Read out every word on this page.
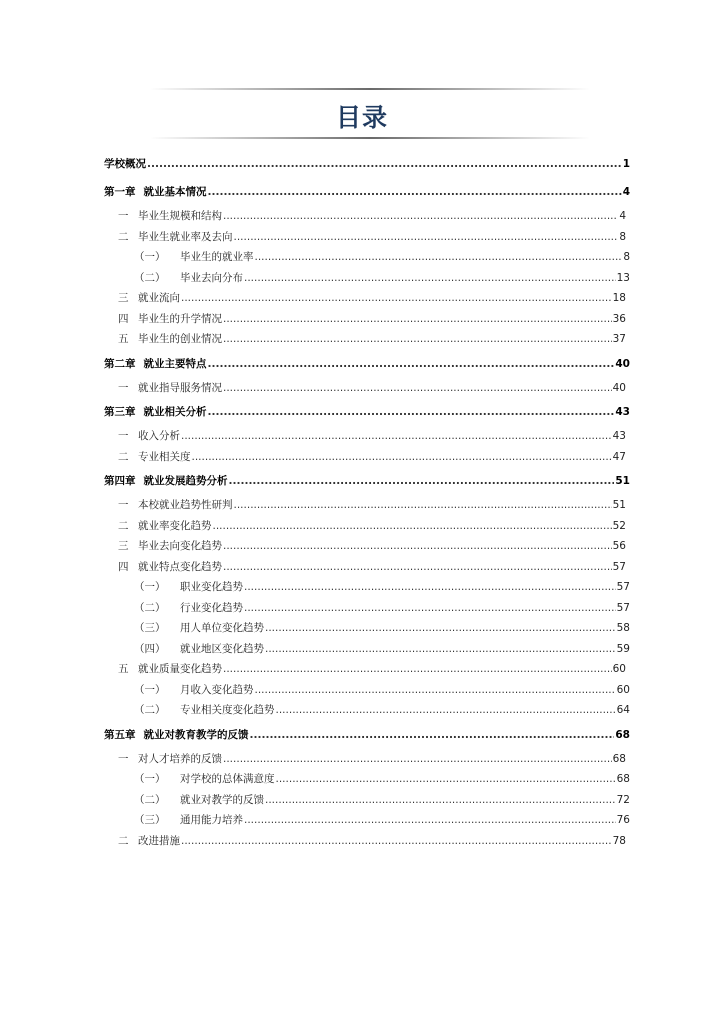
目录
学校概况 .....	1
第一章 就业基本情况 .....	4
一 毕业生规模和结构 .....	4
二 毕业生就业率及去向 .....	8
（一） 毕业生的就业率 .....	8
（二） 毕业去向分布 .....	13
三 就业流向 .....	18
四 毕业生的升学情况 .....	36
五 毕业生的创业情况 .....	37
第二章 就业主要特点 .....	40
一 就业指导服务情况 .....	40
第三章 就业相关分析 .....	43
一 收入分析 .....	43
二 专业相关度 .....	47
第四章 就业发展趋势分析 .....	51
一 本校就业趋势性研判 .....	51
二 就业率变化趋势 .....	52
三 毕业去向变化趋势 .....	56
四 就业特点变化趋势 .....	57
（一） 职业变化趋势 .....	57
（二） 行业变化趋势 .....	57
（三） 用人单位变化趋势 .....	58
（四） 就业地区变化趋势 .....	59
五 就业质量变化趋势 .....	60
（一） 月收入变化趋势 .....	60
（二） 专业相关度变化趋势 .....	64
第五章 就业对教育教学的反馈 .....	68
一 对人才培养的反馈 .....	68
（一） 对学校的总体满意度 .....	68
（二） 就业对教学的反馈 .....	72
（三） 通用能力培养 .....	76
二 改进措施 .....	78
